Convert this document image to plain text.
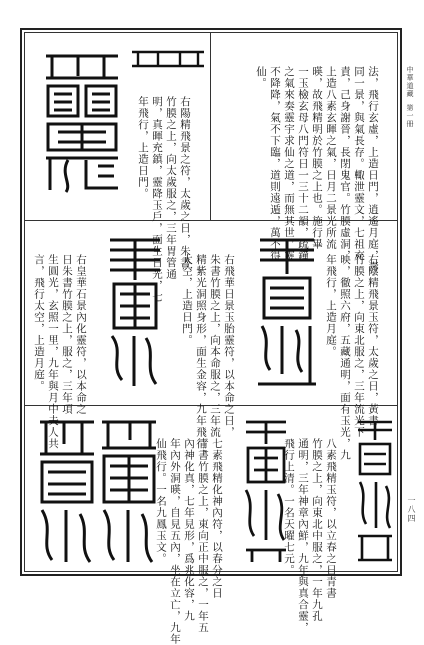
中華道藏第一冊
一八四

法，飛行玄虛，上造日門，逍遙月庭，壽
同一景，與氣長存。輙泄靈文，七祖充
責，己身謝晉，長閉鬼官。竹膜虛洞，
上造八素玄暉之氣，日月二景光所流
暎，故飛精明於竹膜之上也。施行畢
一玉檢玄母八門符日一三十二韻，疏鐘
之氣來奏靈宇求仙之道，而無其世，靈
不降降，氣不下臨，道則遠遁，萬不得
仙。

右陽精飛景之符，太歲之日，朱書
竹膜之上，向太歲服之，三年胃管通
明，真暉充鎮，靈降玉戶，面生日光，七
年飛行，上造日門。

右陰精飛景玉符，太歲之日，黃書
竹膜之上，向東北服之，三年流光下
映，徹照六府，五藏通明，面有玉光，九
年飛行，上造月庭。

右飛華日景玉胎靈符，以本命之日，
朱書竹膜之上，向本命服之，三年流
精紫光洞照身形，面生金容，九年飛行，
太空，上造日門。

右皇華石景內化靈符，以本命之
日朱書竹膜之上，服之，三年項
生圓光，玄照一里，九年與月中夫人共
言，飛行太空，上造月庭。

八素飛精玉符，以立春之日青書
竹膜之上，向東北中服之，一年九孔
通明，三年神章內鮮，九年與真合靈，
飛行上清。一名天曜七元。

七素飛精化神內符，以春分之日
青書竹膜之上，東向正中服之，一年五
內神化真，七年見形，爲兆化容，九
年內外洞暎，自見五內，坐在立亡，九年
仙飛行。一名九鳳玉文。
